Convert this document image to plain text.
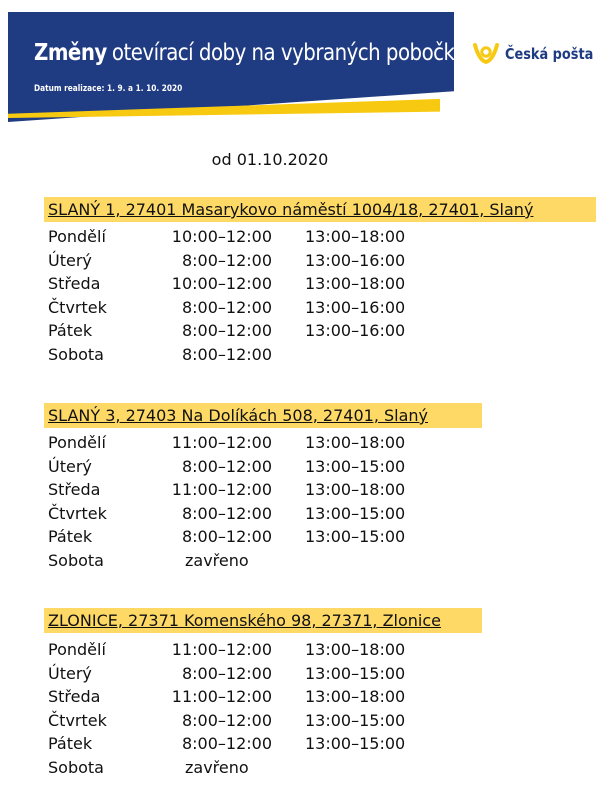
Změny otevírací doby na vybraných pobočkách
Datum realizace: 1. 9. a 1. 10. 2020
Česká pošta
od 01.10.2020
SLANÝ 1, 27401 Masarykovo náměstí 1004/18, 27401, Slaný
Pondělí	10:00–12:00 13:00–18:00
Úterý	8:00–12:00 13:00–16:00
Středa	10:00–12:00 13:00–18:00
Čtvrtek	8:00–12:00 13:00–16:00
Pátek	8:00–12:00 13:00–16:00
Sobota	8:00–12:00
SLANÝ 3, 27403 Na Dolíkách 508, 27401, Slaný
Pondělí	11:00–12:00 13:00–18:00
Úterý	8:00–12:00 13:00–15:00
Středa	11:00–12:00 13:00–18:00
Čtvrtek	8:00–12:00 13:00–15:00
Pátek	8:00–12:00 13:00–15:00
Sobota	zavřeno
ZLONICE, 27371 Komenského 98, 27371, Zlonice
Pondělí	11:00–12:00 13:00–18:00
Úterý	8:00–12:00 13:00–15:00
Středa	11:00–12:00 13:00–18:00
Čtvrtek	8:00–12:00 13:00–15:00
Pátek	8:00–12:00 13:00–15:00
Sobota	zavřeno
